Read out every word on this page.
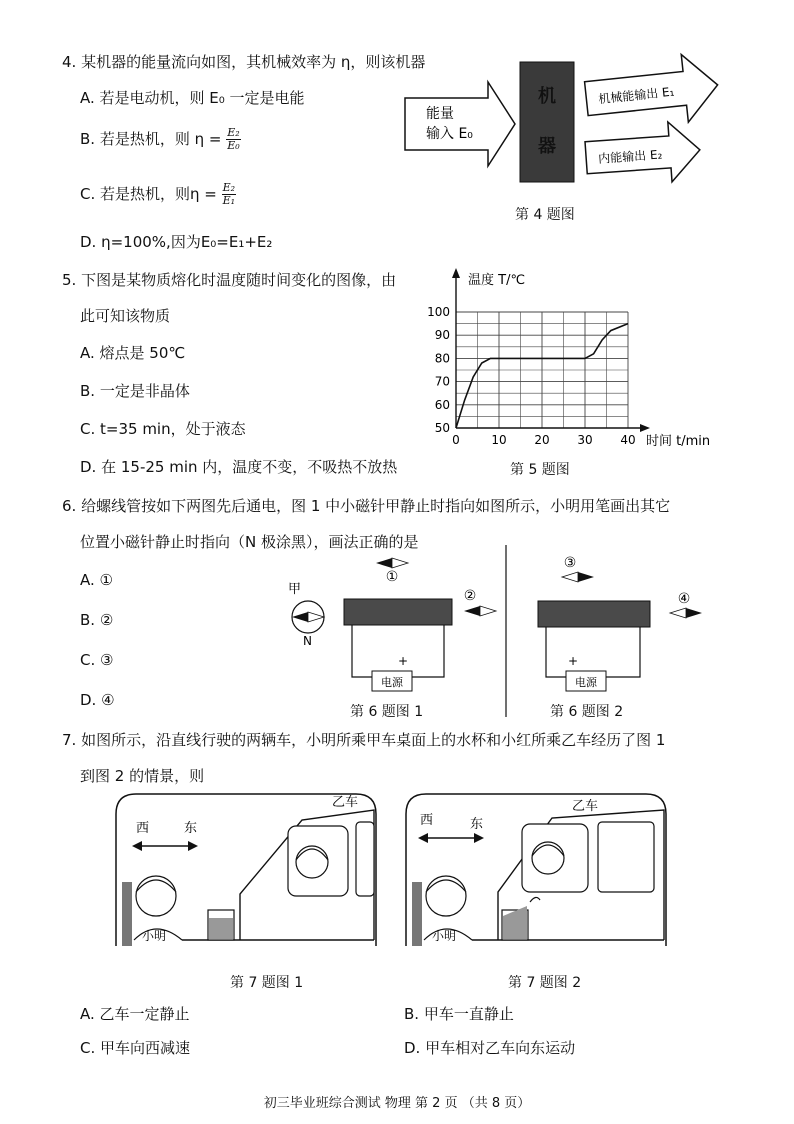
4. 某机器的能量流向如图，其机械效率为 η，则该机器
A. 若是电动机，则 E₀ 一定是电能
B. 若是热机，则 $\eta = \frac{\text{E₂}}{\text{E₀}}$
C. 若是热机，则$\eta = \frac{\text{E₂}}{\text{E₁}}$
D. η=100%,因为E₀=E₁+E₂
能量
输入 E₀
机
器
机械能输出 E₁
内能输出 E₂
第 4 题图
5. 下图是某物质熔化时温度随时间变化的图像，由
此可知该物质
A. 熔点是 50℃
B. 一定是非晶体
C. t=35 min，处于液态
D. 在 15-25 min 内，温度不变，不吸热不放热
0	10 20 30 40
50
60
70
80
90
100
温度 T/℃
时间 t/min
第 5 题图
6. 给螺线管按如下两图先后通电，图 1 中小磁针甲静止时指向如图所示，小明用笔画出其它
位置小磁针静止时指向（N 极涂黑），画法正确的是
A. ①
B. ②
C. ③
D. ④
甲
N
①
电源
+
②
③
电源
+
④
第 6 题图 1	第 6 题图 2
7. 如图所示，沿直线行驶的两辆车，小明所乘甲车桌面上的水杯和小红所乘乙车经历了图 1
到图 2 的情景，则
西	东
乙车
小明
西	东
乙车
小明
第 7 题图 1	第 7 题图 2
A. 乙车一定静止	B. 甲车一直静止
C. 甲车向西减速	D. 甲车相对乙车向东运动
初三毕业班综合测试 物理 第 2 页 （共 8 页）
